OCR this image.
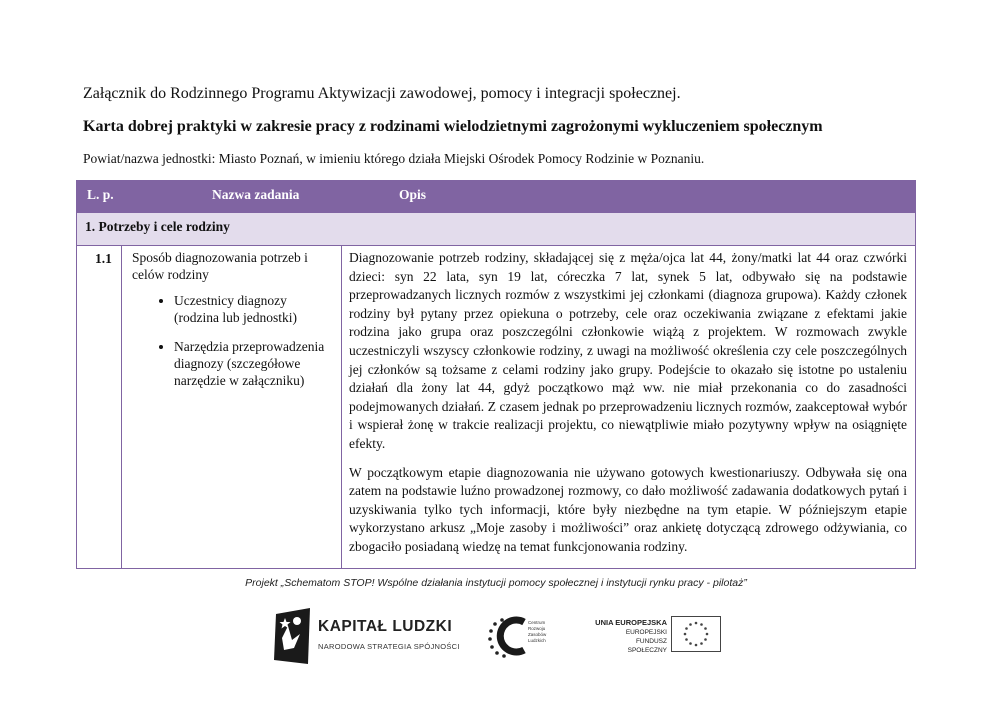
Załącznik do Rodzinnego Programu Aktywizacji zawodowej, pomocy i integracji społecznej.
Karta dobrej praktyki w zakresie pracy z rodzinami wielodzietnymi zagrożonymi wykluczeniem społecznym
Powiat/nazwa jednostki: Miasto Poznań, w imieniu którego działa Miejski Ośrodek Pomocy Rodzinie w Poznaniu.
L. p.	Nazwa zadania	Opis
1. Potrzeby i cele rodziny
1.1 Sposób diagnozowania potrzeb i celów rodziny
• Uczestnicy diagnozy (rodzina lub jednostki)
• Narzędzia przeprowadzenia diagnozy (szczegółowe narzędzie w załączniku)

Diagnozowanie potrzeb rodziny, składającej się z męża/ojca lat 44, żony/matki lat 44 oraz czwórki dzieci: syn 22 lata, syn 19 lat, córeczka 7 lat, synek 5 lat, odbywało się na podstawie przeprowadzanych licznych rozmów z wszystkimi jej członkami (diagnoza grupowa). Każdy członek rodziny był pytany przez opiekuna o potrzeby, cele oraz oczekiwania związane z efektami jakie rodzina jako grupa oraz poszczególni członkowie wiążą z projektem. W rozmowach zwykle uczestniczyli wszyscy członkowie rodziny, z uwagi na możliwość określenia czy cele poszczególnych jej członków są tożsame z celami rodziny jako grupy. Podejście to okazało się istotne po ustaleniu działań dla żony lat 44, gdyż początkowo mąż ww. nie miał przekonania co do zasadności podejmowanych działań. Z czasem jednak po przeprowadzeniu licznych rozmów, zaakceptował wybór i wspierał żonę w trakcie realizacji projektu, co niewątpliwie miało pozytywny wpływ na osiągnięte efekty.

W początkowym etapie diagnozowania nie używano gotowych kwestionariuszy. Odbywała się ona zatem na podstawie luźno prowadzonej rozmowy, co dało możliwość zadawania dodatkowych pytań i uzyskiwania tylko tych informacji, które były niezbędne na tym etapie. W późniejszym etapie wykorzystano arkusz „Moje zasoby i możliwości” oraz ankietę dotyczącą zdrowego odżywiania, co zbogaciło posiadaną wiedzę na temat funkcjonowania rodziny.

Projekt „Schematom STOP! Wspólne działania instytucji pomocy społecznej i instytucji rynku pracy - pilotaż”
KAPITAŁ LUDZKI
NARODOWA STRATEGIA SPÓJNOŚCI
Centrum
Rozwoju
Zasobów
Ludzkich
UNIA EUROPEJSKA
EUROPEJSKI
FUNDUSZ SPOŁECZNY
